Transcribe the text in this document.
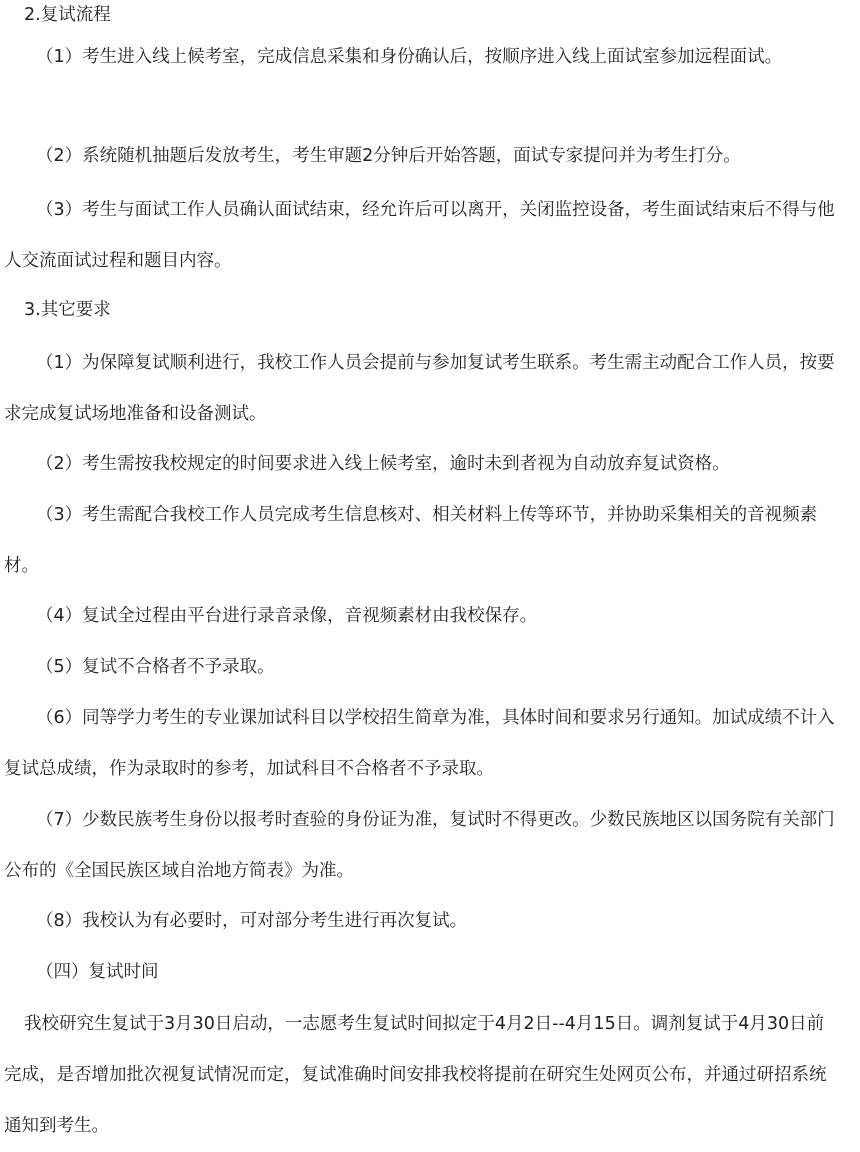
2.复试流程

（1）考生进入线上候考室，完成信息采集和身份确认后，按顺序进入线上面试室参加远程面试。

（2）系统随机抽题后发放考生，考生审题2分钟后开始答题，面试专家提问并为考生打分。

（3）考生与面试工作人员确认面试结束，经允许后可以离开，关闭监控设备，考生面试结束后不得与他人交流面试过程和题目内容。

3.其它要求

（1）为保障复试顺利进行，我校工作人员会提前与参加复试考生联系。考生需主动配合工作人员，按要求完成复试场地准备和设备测试。

（2）考生需按我校规定的时间要求进入线上候考室，逾时未到者视为自动放弃复试资格。

（3）考生需配合我校工作人员完成考生信息核对、相关材料上传等环节，并协助采集相关的音视频素材。

（4）复试全过程由平台进行录音录像，音视频素材由我校保存。

（5）复试不合格者不予录取。

（6）同等学力考生的专业课加试科目以学校招生简章为准，具体时间和要求另行通知。加试成绩不计入复试总成绩，作为录取时的参考，加试科目不合格者不予录取。

（7）少数民族考生身份以报考时查验的身份证为准，复试时不得更改。少数民族地区以国务院有关部门公布的《全国民族区域自治地方简表》为准。

（8）我校认为有必要时，可对部分考生进行再次复试。

（四）复试时间

我校研究生复试于3月30日启动，一志愿考生复试时间拟定于4月2日--4月15日。调剂复试于4月30日前完成，是否增加批次视复试情况而定，复试准确时间安排我校将提前在研究生处网页公布，并通过研招系统通知到考生。
